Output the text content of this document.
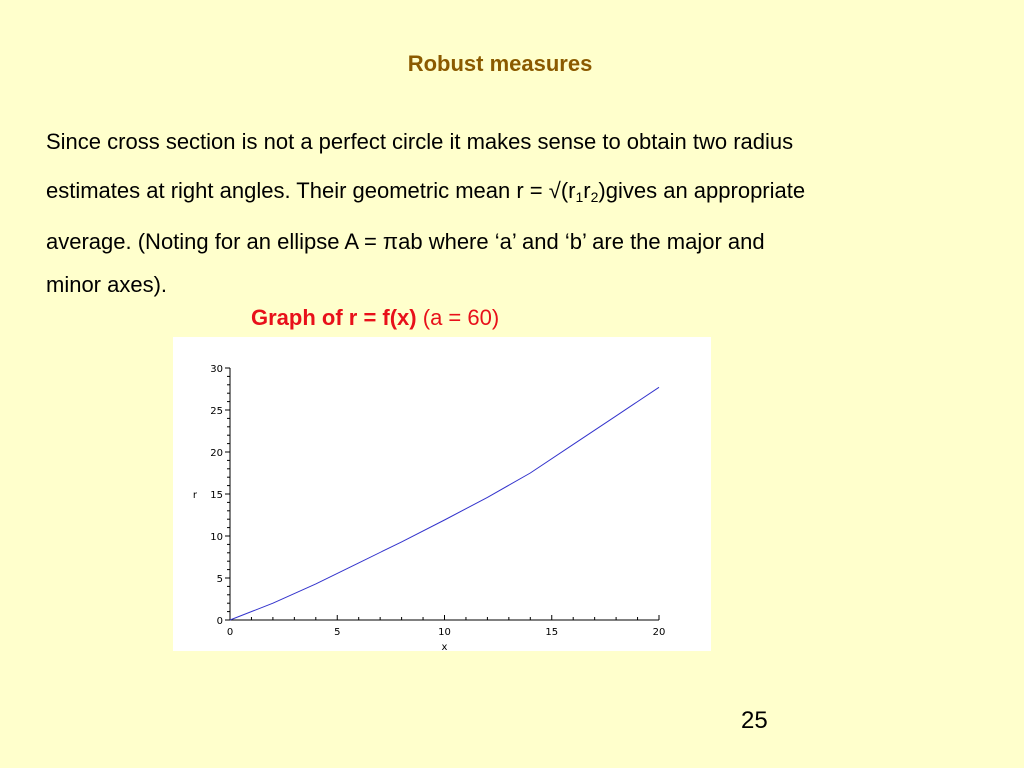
Robust measures
Since cross section is not a perfect circle it makes sense to obtain two radius
estimates at right angles. Their geometric mean $r = √(r_1r_2)gives$ an appropriate
average. (Noting for an ellipse A = πab where ‘a’ and ‘b’ are the major and
minor axes).
Graph of r = f(x) (a = 60)
0	5	10	15	20
0
5
10
15
20
25
30
x
r
25
